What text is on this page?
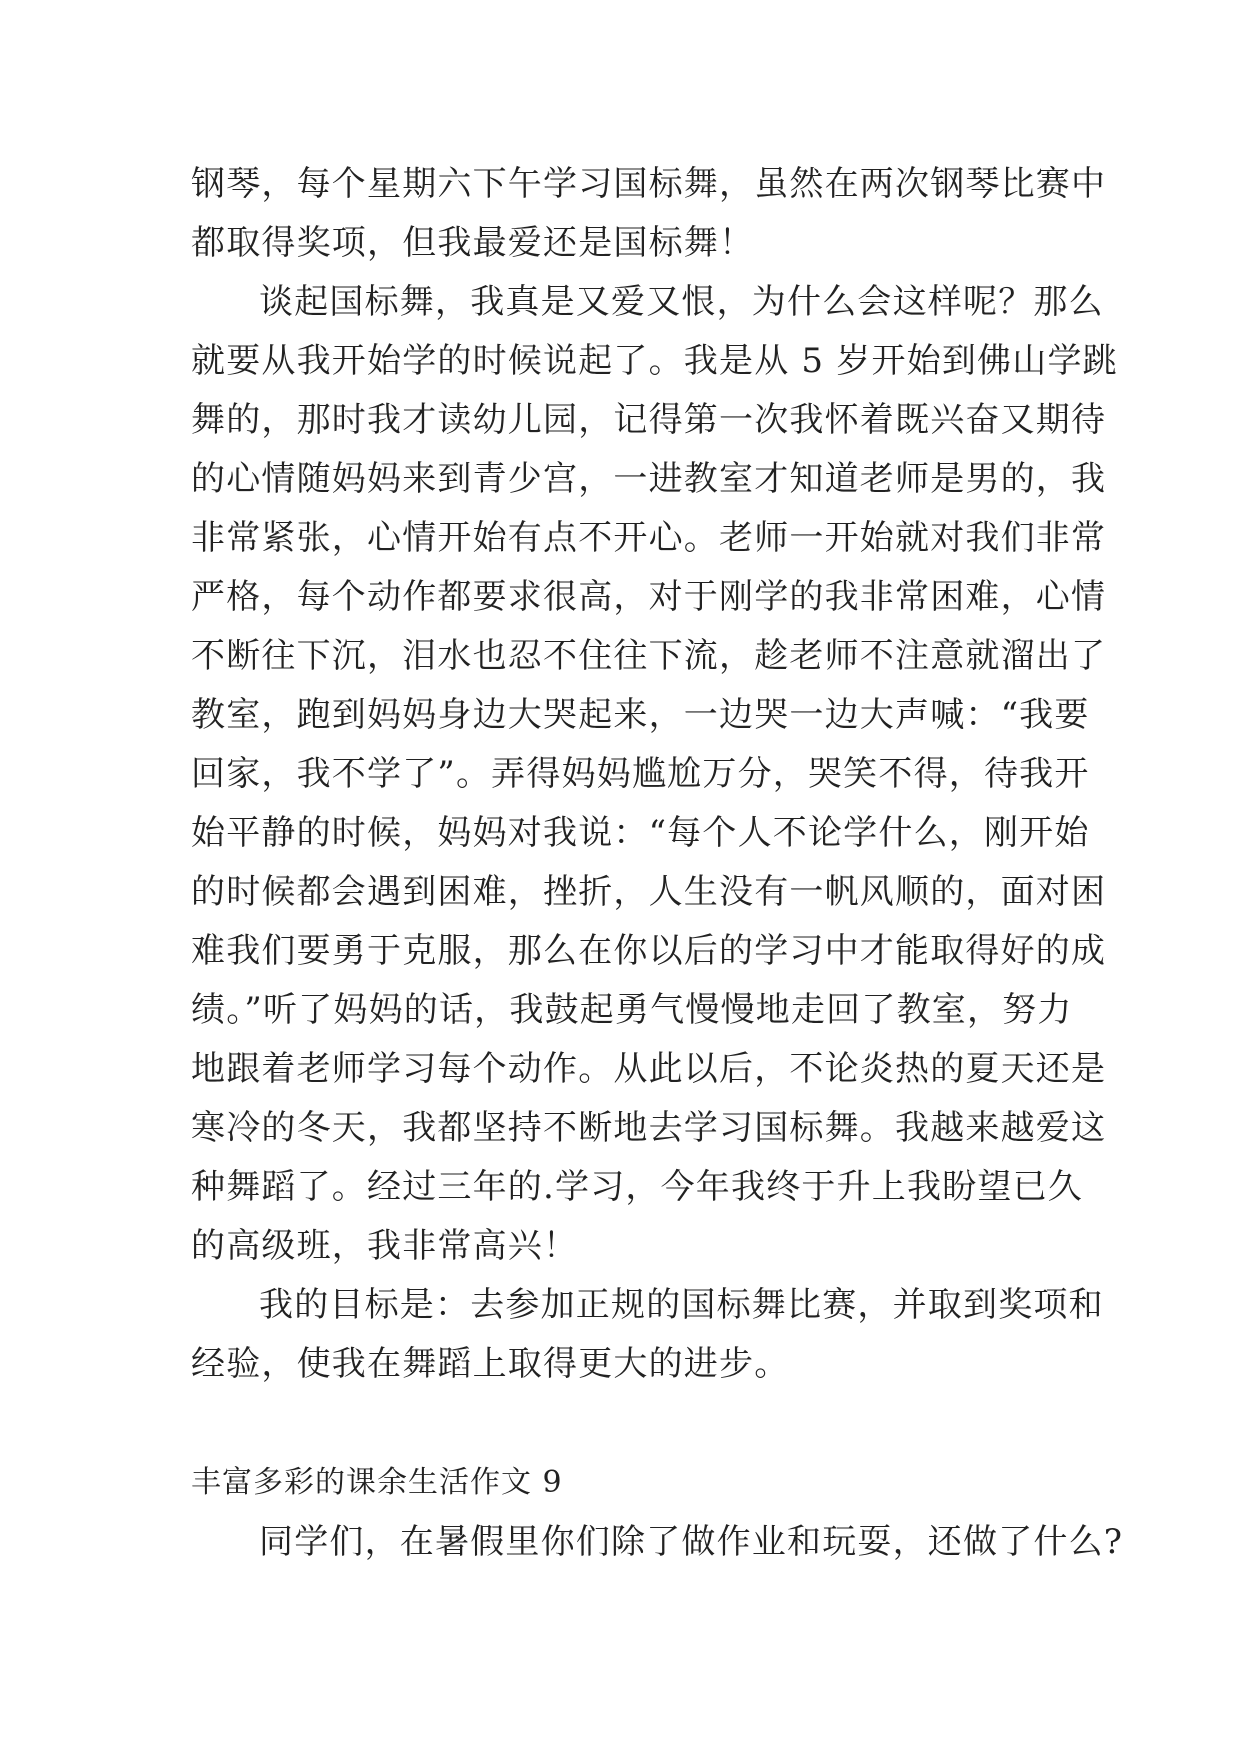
钢琴，每个星期六下午学习国标舞，虽然在两次钢琴比赛中
都取得奖项，但我最爱还是国标舞！
谈起国标舞，我真是又爱又恨，为什么会这样呢？那么
就要从我开始学的时候说起了。我是从 5 岁开始到佛山学跳
舞的，那时我才读幼儿园，记得第一次我怀着既兴奋又期待
的心情随妈妈来到青少宫，一进教室才知道老师是男的，我
非常紧张，心情开始有点不开心。老师一开始就对我们非常
严格，每个动作都要求很高，对于刚学的我非常困难，心情
不断往下沉，泪水也忍不住往下流，趁老师不注意就溜出了
教室，跑到妈妈身边大哭起来，一边哭一边大声喊：“我要
回家，我不学了”。弄得妈妈尴尬万分，哭笑不得，待我开
始平静的时候，妈妈对我说：“每个人不论学什么，刚开始
的时候都会遇到困难，挫折，人生没有一帆风顺的，面对困
难我们要勇于克服，那么在你以后的学习中才能取得好的成
绩。”听了妈妈的话，我鼓起勇气慢慢地走回了教室，努力
地跟着老师学习每个动作。从此以后，不论炎热的夏天还是
寒冷的冬天，我都坚持不断地去学习国标舞。我越来越爱这
种舞蹈了。经过三年的.学习，今年我终于升上我盼望已久
的高级班，我非常高兴！
我的目标是：去参加正规的国标舞比赛，并取到奖项和
经验，使我在舞蹈上取得更大的进步。
丰富多彩的课余生活作文 9
同学们，在暑假里你们除了做作业和玩耍，还做了什么?
